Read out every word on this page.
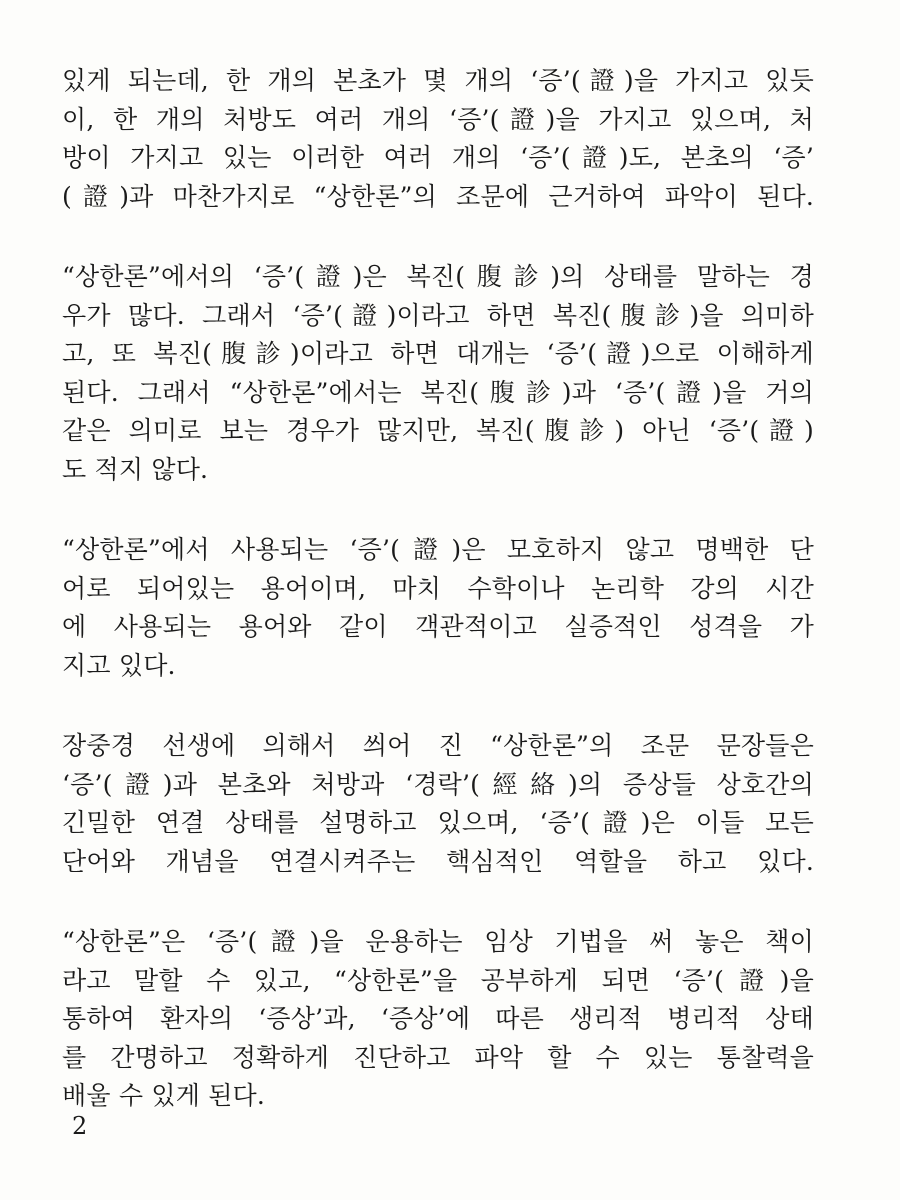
있게 되는데, 한 개의 본초가 몇 개의 ‘증’(證)을 가지고 있듯
이, 한 개의 처방도 여러 개의 ‘증’(證)을 가지고 있으며, 처
방이 가지고 있는 이러한 여러 개의 ‘증’(證)도, 본초의 ‘증’
(證)과 마찬가지로 “상한론”의 조문에 근거하여 파악이 된다.
“상한론”에서의 ‘증’(證)은 복진(腹診)의 상태를 말하는 경
우가 많다. 그래서 ‘증’(證)이라고 하면 복진(腹診)을 의미하
고, 또 복진(腹診)이라고 하면 대개는 ‘증’(證)으로 이해하게
된다. 그래서 “상한론”에서는 복진(腹診)과 ‘증’(證)을 거의
같은 의미로 보는 경우가 많지만, 복진(腹診) 아닌 ‘증’(證)
도 적지 않다.
“상한론”에서 사용되는 ‘증’(證)은 모호하지 않고 명백한 단
어로 되어있는 용어이며, 마치 수학이나 논리학 강의 시간
에 사용되는 용어와 같이 객관적이고 실증적인 성격을 가
지고 있다.
장중경 선생에 의해서 씌어 진 “상한론”의 조문 문장들은
‘증’(證)과 본초와 처방과 ‘경락’(經絡)의 증상들 상호간의
긴밀한 연결 상태를 설명하고 있으며, ‘증’(證)은 이들 모든
단어와 개념을 연결시켜주는 핵심적인 역할을 하고 있다.
“상한론”은 ‘증’(證)을 운용하는 임상 기법을 써 놓은 책이
라고 말할 수 있고, “상한론”을 공부하게 되면 ‘증’(證)을
통하여 환자의 ‘증상’과, ‘증상’에 따른 생리적 병리적 상태
를 간명하고 정확하게 진단하고 파악 할 수 있는 통찰력을
배울 수 있게 된다.
2
